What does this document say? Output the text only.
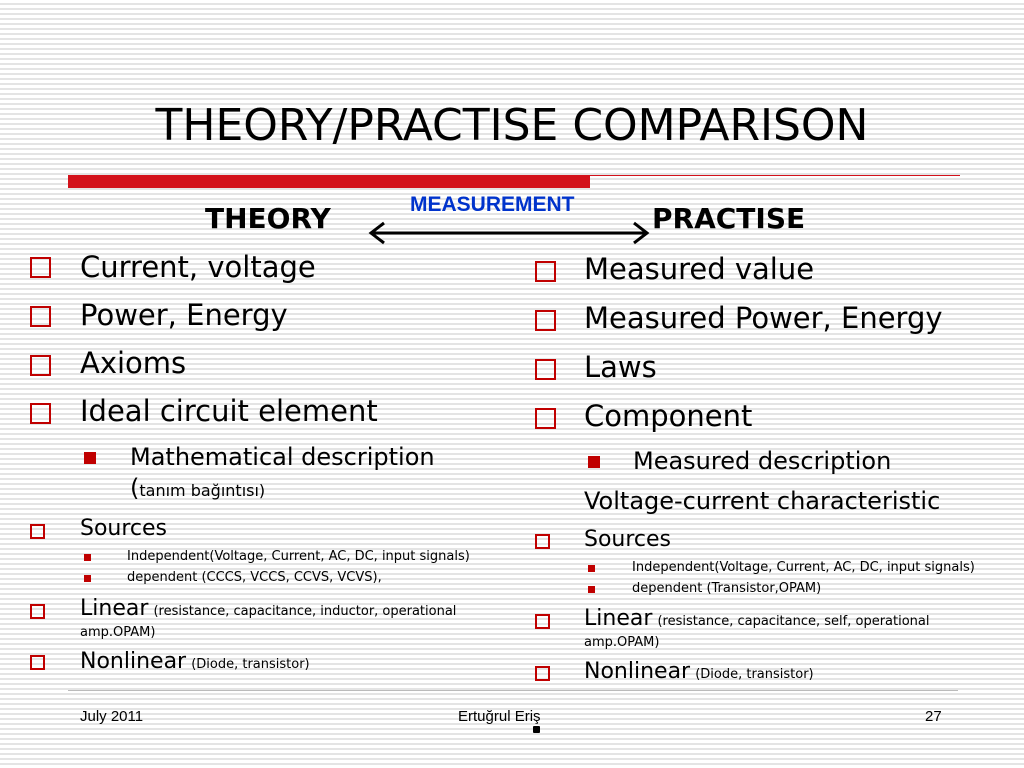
THEORY/PRACTISE COMPARISON
THEORY	MEASUREMENT	PRACTISE
Current, voltage
Power, Energy
Axioms
Ideal circuit element
Mathematical description
(tanım bağıntısı)
Sources
Independent(Voltage, Current, AC, DC, input signals)
dependent (CCCS, VCCS, CCVS, VCVS),
Linear (resistance, capacitance, inductor, operational
amp.OPAM)
Nonlinear (Diode, transistor)
Measured value
Measured Power, Energy
Laws
Component
Measured description
Voltage-current characteristic
Sources
Independent(Voltage, Current, AC, DC, input signals)
dependent (Transistor,OPAM)
Linear (resistance, capacitance, self, operational
amp.OPAM)
Nonlinear (Diode, transistor)
July 2011	Ertuğrul Eriş	27
